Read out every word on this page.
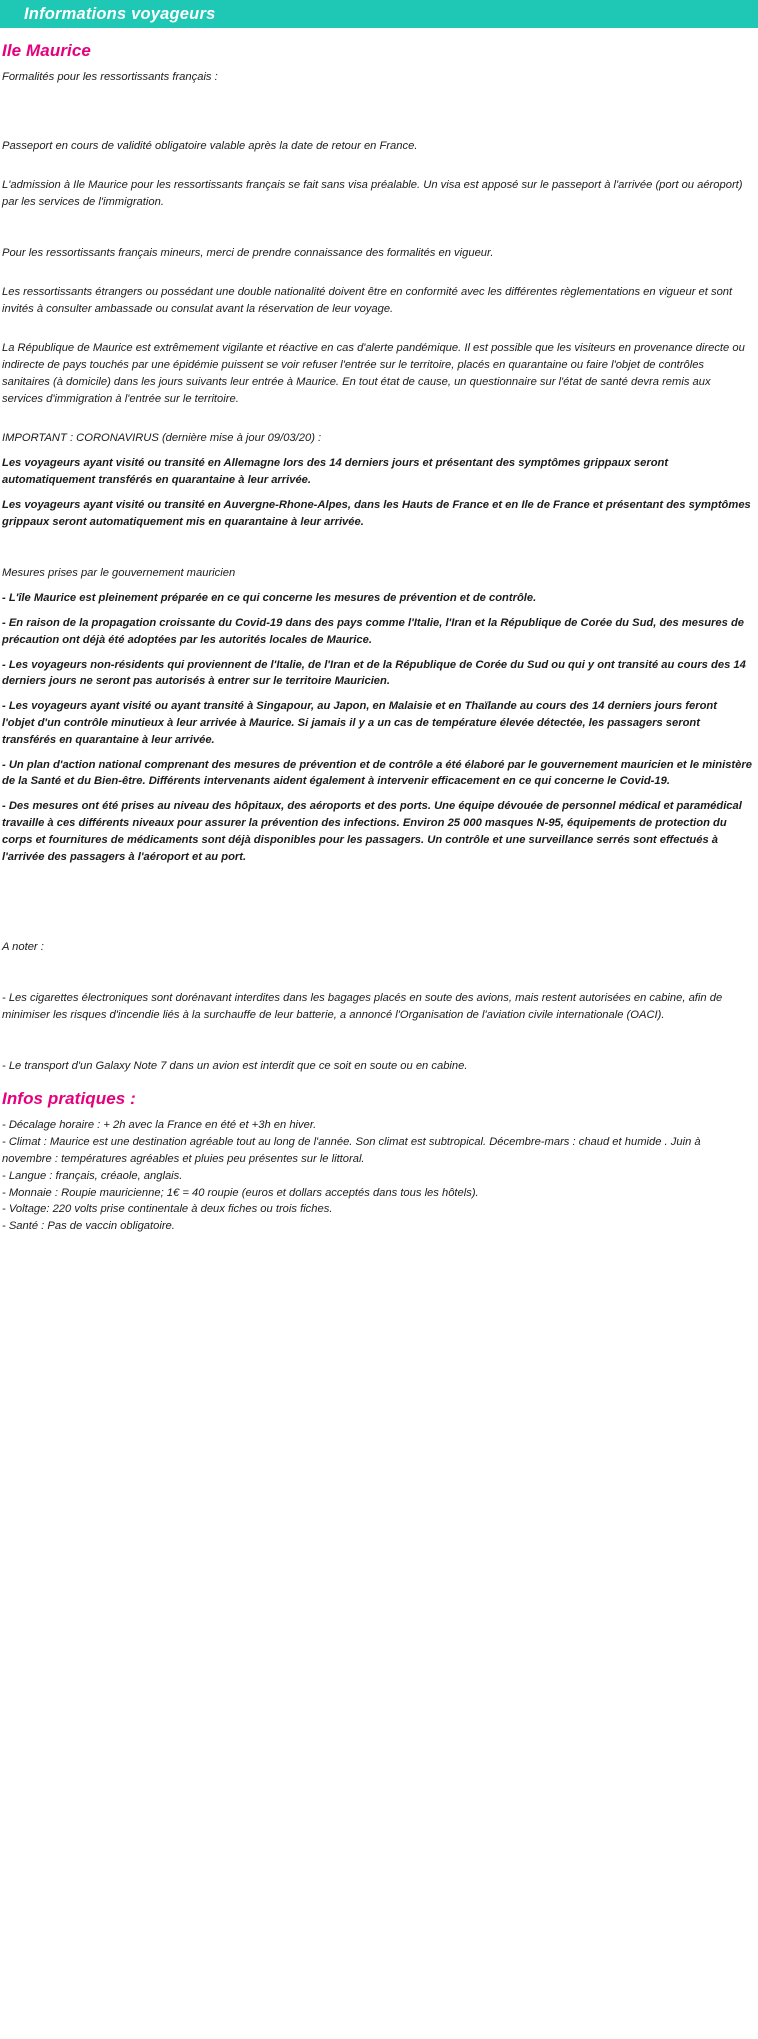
Informations voyageurs
Ile Maurice

Formalités pour les ressortissants français :

Passeport en cours de validité obligatoire valable après la date de retour en France.

L'admission à Ile Maurice pour les ressortissants français se fait sans visa préalable. Un visa est apposé sur le passeport à l'arrivée (port ou aéroport) par les services de l'immigration.

Pour les ressortissants français mineurs, merci de prendre connaissance des formalités en vigueur.

Les ressortissants étrangers ou possédant une double nationalité doivent être en conformité avec les différentes règlementations en vigueur et sont invités à consulter ambassade ou consulat avant la réservation de leur voyage.

La République de Maurice est extrêmement vigilante et réactive en cas d'alerte pandémique. Il est possible que les visiteurs en provenance directe ou indirecte de pays touchés par une épidémie puissent se voir refuser l'entrée sur le territoire, placés en quarantaine ou faire l'objet de contrôles sanitaires (à domicile) dans les jours suivants leur entrée à Maurice. En tout état de cause, un questionnaire sur l'état de santé devra remis aux services d'immigration à l'entrée sur le territoire.

IMPORTANT : CORONAVIRUS (dernière mise à jour 09/03/20) :

Les voyageurs ayant visité ou transité en Allemagne lors des 14 derniers jours et présentant des symptômes grippaux seront automatiquement transférés en quarantaine à leur arrivée.

Les voyageurs ayant visité ou transité en Auvergne-Rhone-Alpes, dans les Hauts de France et en Ile de France et présentant des symptômes grippaux seront automatiquement mis en quarantaine à leur arrivée.

Mesures prises par le gouvernement mauricien

- L'île Maurice est pleinement préparée en ce qui concerne les mesures de prévention et de contrôle.

- En raison de la propagation croissante du Covid-19 dans des pays comme l'Italie, l'Iran et la République de Corée du Sud, des mesures de précaution ont déjà été adoptées par les autorités locales de Maurice.

- Les voyageurs non-résidents qui proviennent de l'Italie, de l'Iran et de la République de Corée du Sud ou qui y ont transité au cours des 14 derniers jours ne seront pas autorisés à entrer sur le territoire Mauricien.

- Les voyageurs ayant visité ou ayant transité à Singapour, au Japon, en Malaisie et en Thaïlande au cours des 14 derniers jours feront l'objet d'un contrôle minutieux à leur arrivée à Maurice. Si jamais il y a un cas de température élevée détectée, les passagers seront transférés en quarantaine à leur arrivée.

- Un plan d'action national comprenant des mesures de prévention et de contrôle a été élaboré par le gouvernement mauricien et le ministère de la Santé et du Bien-être. Différents intervenants aident également à intervenir efficacement en ce qui concerne le Covid-19.

- Des mesures ont été prises au niveau des hôpitaux, des aéroports et des ports. Une équipe dévouée de personnel médical et paramédical travaille à ces différents niveaux pour assurer la prévention des infections. Environ 25 000 masques N-95, équipements de protection du corps et fournitures de médicaments sont déjà disponibles pour les passagers. Un contrôle et une surveillance serrés sont effectués à l'arrivée des passagers à l'aéroport et au port.

A noter :

- Les cigarettes électroniques sont dorénavant interdites dans les bagages placés en soute des avions, mais restent autorisées en cabine, afin de minimiser les risques d'incendie liés à la surchauffe de leur batterie, a annoncé l'Organisation de l'aviation civile internationale (OACI).

- Le transport d'un Galaxy Note 7 dans un avion est interdit que ce soit en soute ou en cabine.

Infos pratiques :

- Décalage horaire : + 2h avec la France en été et +3h en hiver.

- Climat : Maurice est une destination agréable tout au long de l'année. Son climat est subtropical. Décembre-mars : chaud et humide . Juin à novembre : températures agréables et pluies peu présentes sur le littoral.

- Langue : français, créaole, anglais.

- Monnaie : Roupie mauricienne; 1€ = 40 roupie (euros et dollars acceptés dans tous les hôtels).

- Voltage: 220 volts prise continentale à deux fiches ou trois fiches.

- Santé : Pas de vaccin obligatoire.
